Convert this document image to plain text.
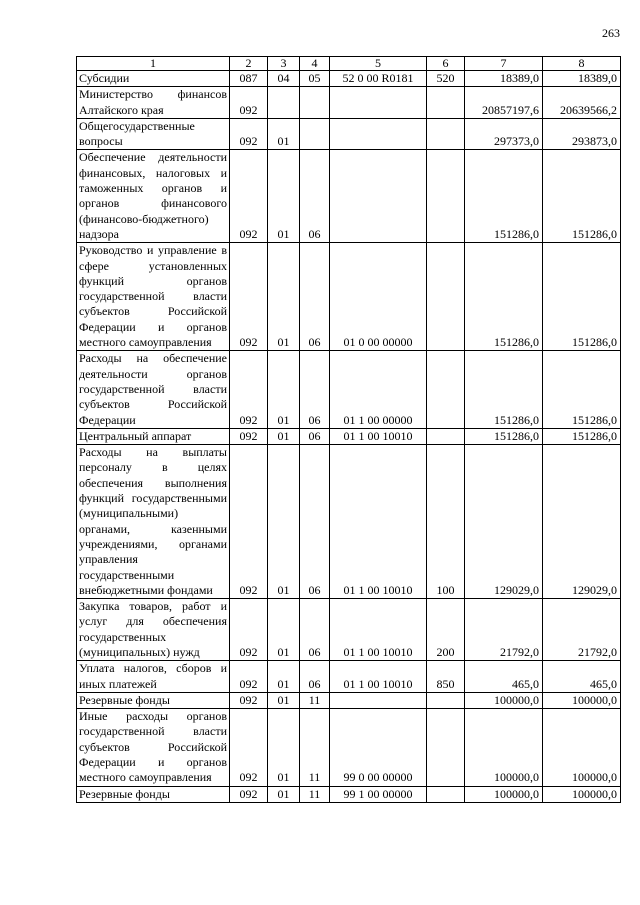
263
1	2	3	4	5	6	7	8
Субсидии	087	04	05	52 0 00 R0181	520	18389,0	18389,0
Министерство финансов Алтайского края	092					20857197,6	20639566,2
Общегосударственные вопросы	092	01				297373,0	293873,0
Обеспечение деятельности финансовых, налоговых и таможенных органов и органов финансового (финансово-бюджетного) надзора	092	01	06			151286,0	151286,0
Руководство и управление в сфере установленных функций органов государственной власти субъектов Российской Федерации и органов местного самоуправления	092	01	06	01 0 00 00000		151286,0	151286,0
Расходы на обеспечение деятельности органов государственной власти субъектов Российской Федерации	092	01	06	01 1 00 00000		151286,0	151286,0
Центральный аппарат	092	01	06	01 1 00 10010		151286,0	151286,0
Расходы на выплаты персоналу в целях обеспечения выполнения функций государственными (муниципальными) органами, казенными учреждениями, органами управления государственными внебюджетными фондами	092	01	06	01 1 00 10010	100	129029,0	129029,0
Закупка товаров, работ и услуг для обеспечения государственных (муниципальных) нужд	092	01	06	01 1 00 10010	200	21792,0	21792,0
Уплата налогов, сборов и иных платежей	092	01	06	01 1 00 10010	850	465,0	465,0
Резервные фонды	092	01	11			100000,0	100000,0
Иные расходы органов государственной власти субъектов Российской Федерации и органов местного самоуправления	092	01	11	99 0 00 00000		100000,0	100000,0
Резервные фонды	092	01	11	99 1 00 00000		100000,0	100000,0
